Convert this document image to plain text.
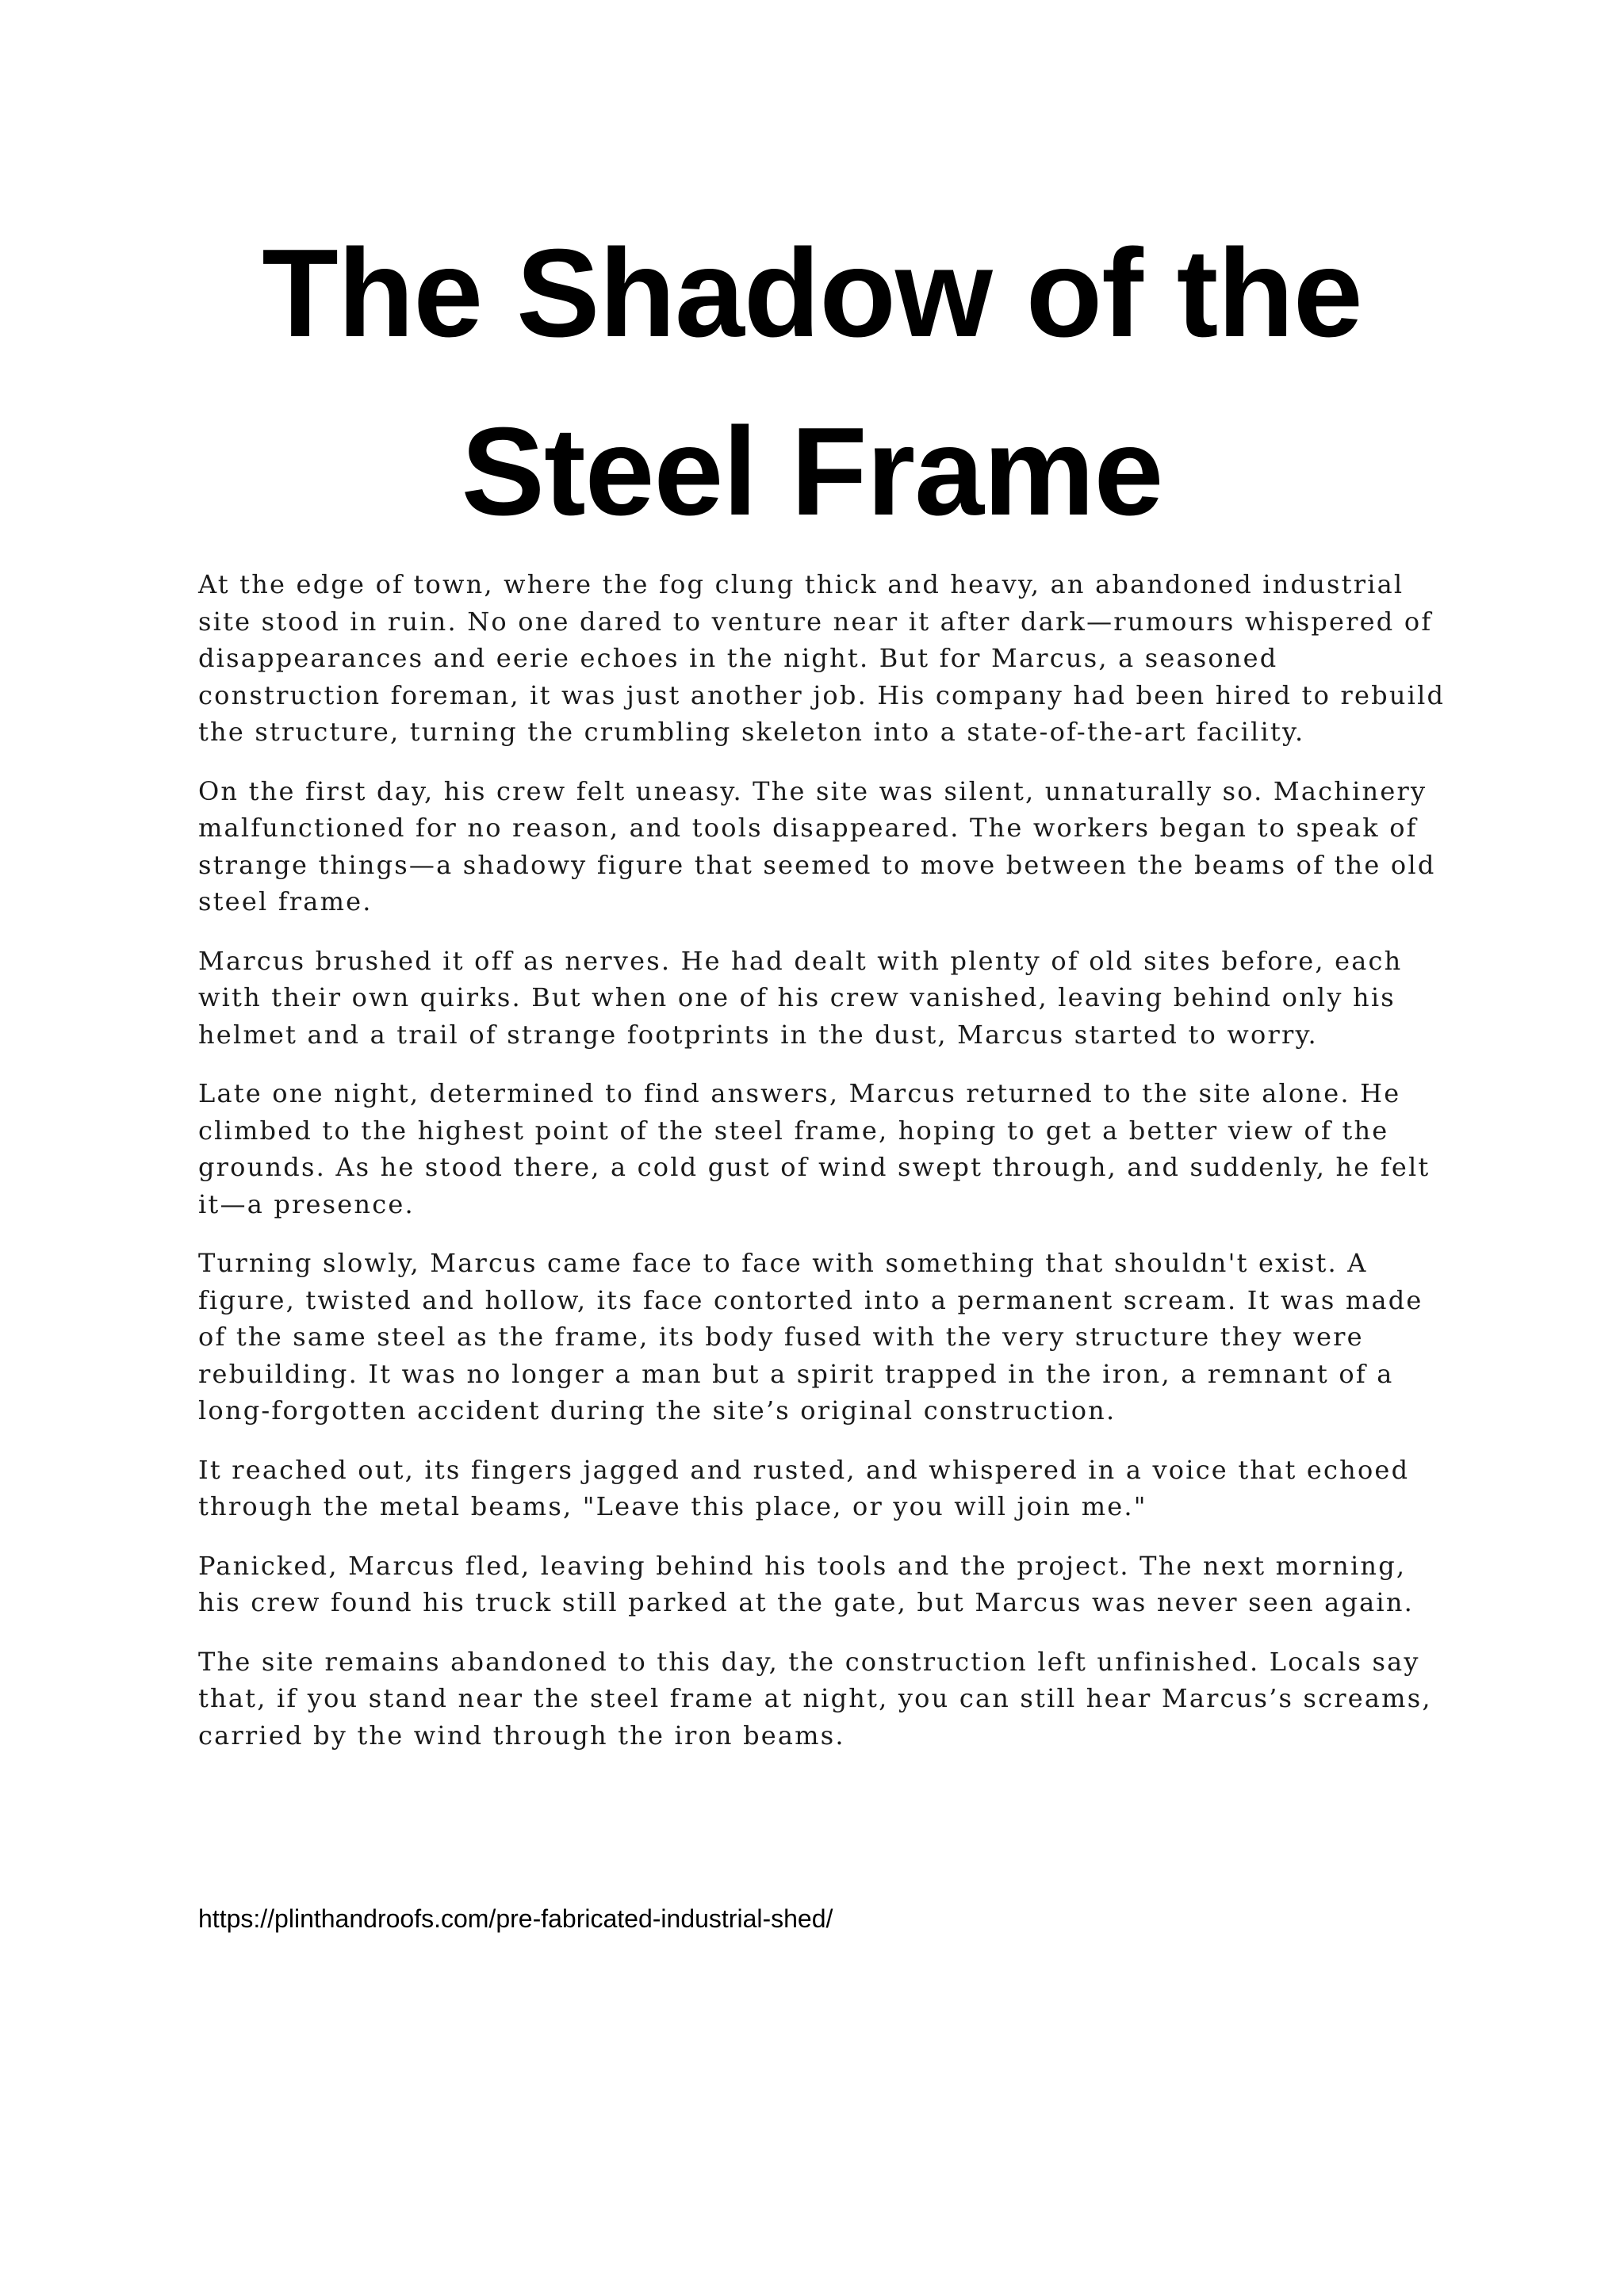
The Shadow of the Steel Frame

At the edge of town, where the fog clung thick and heavy, an abandoned industrial site stood in ruin. No one dared to venture near it after dark—rumours whispered of disappearances and eerie echoes in the night. But for Marcus, a seasoned construction foreman, it was just another job. His company had been hired to rebuild the structure, turning the crumbling skeleton into a state-of-the-art facility.

On the first day, his crew felt uneasy. The site was silent, unnaturally so. Machinery malfunctioned for no reason, and tools disappeared. The workers began to speak of strange things—a shadowy figure that seemed to move between the beams of the old steel frame.

Marcus brushed it off as nerves. He had dealt with plenty of old sites before, each with their own quirks. But when one of his crew vanished, leaving behind only his helmet and a trail of strange footprints in the dust, Marcus started to worry.

Late one night, determined to find answers, Marcus returned to the site alone. He climbed to the highest point of the steel frame, hoping to get a better view of the grounds. As he stood there, a cold gust of wind swept through, and suddenly, he felt it—a presence.

Turning slowly, Marcus came face to face with something that shouldn't exist. A figure, twisted and hollow, its face contorted into a permanent scream. It was made of the same steel as the frame, its body fused with the very structure they were rebuilding. It was no longer a man but a spirit trapped in the iron, a remnant of a long-forgotten accident during the site’s original construction.

It reached out, its fingers jagged and rusted, and whispered in a voice that echoed through the metal beams, "Leave this place, or you will join me."

Panicked, Marcus fled, leaving behind his tools and the project. The next morning, his crew found his truck still parked at the gate, but Marcus was never seen again.

The site remains abandoned to this day, the construction left unfinished. Locals say that, if you stand near the steel frame at night, you can still hear Marcus’s screams, carried by the wind through the iron beams.

https://plinthandroofs.com/pre-fabricated-industrial-shed/
